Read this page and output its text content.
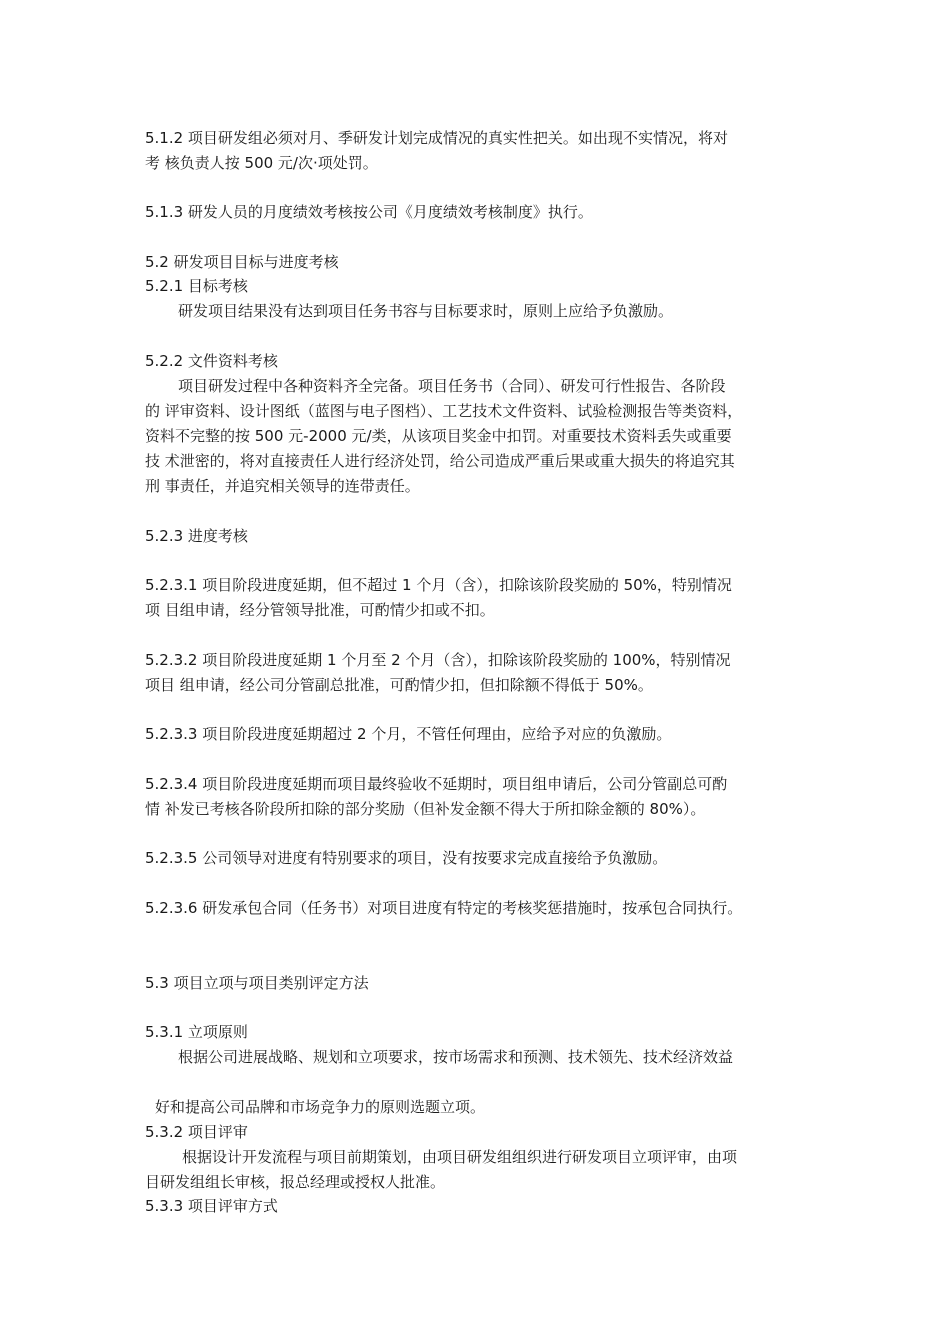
5.1.2 项目研发组必须对月、季研发计划完成情况的真实性把关。如出现不实情况，将对
考 核负责人按 500 元/次·项处罚。
5.1.3 研发人员的月度绩效考核按公司《月度绩效考核制度》执行。
5.2 研发项目目标与进度考核
5.2.1 目标考核
研发项目结果没有达到项目任务书容与目标要求时，原则上应给予负激励。
5.2.2 文件资料考核
项目研发过程中各种资料齐全完备。项目任务书（合同）、研发可行性报告、各阶段
的 评审资料、设计图纸（蓝图与电子图档）、工艺技术文件资料、试验检测报告等类资料，
资料不完整的按 500 元-2000 元/类，从该项目奖金中扣罚。对重要技术资料丢失或重要
技 术泄密的，将对直接责任人进行经济处罚，给公司造成严重后果或重大损失的将追究其
刑 事责任，并追究相关领导的连带责任。
5.2.3 进度考核
5.2.3.1 项目阶段进度延期，但不超过 1 个月（含），扣除该阶段奖励的 50%，特别情况
项 目组申请，经分管领导批准，可酌情少扣或不扣。
5.2.3.2 项目阶段进度延期 1 个月至 2 个月（含），扣除该阶段奖励的 100%，特别情况
项目 组申请，经公司分管副总批准，可酌情少扣，但扣除额不得低于 50%。
5.2.3.3 项目阶段进度延期超过 2 个月，不管任何理由，应给予对应的负激励。
5.2.3.4 项目阶段进度延期而项目最终验收不延期时，项目组申请后，公司分管副总可酌
情 补发已考核各阶段所扣除的部分奖励（但补发金额不得大于所扣除金额的 80%）。
5.2.3.5 公司领导对进度有特别要求的项目，没有按要求完成直接给予负激励。
5.2.3.6 研发承包合同（任务书）对项目进度有特定的考核奖惩措施时，按承包合同执行。
5.3 项目立项与项目类别评定方法
5.3.1 立项原则
根据公司进展战略、规划和立项要求，按市场需求和预测、技术领先、技术经济效益
好和提高公司品牌和市场竞争力的原则选题立项。
5.3.2 项目评审
根据设计开发流程与项目前期策划，由项目研发组组织进行研发项目立项评审，由项
目研发组组长审核，报总经理或授权人批准。
5.3.3 项目评审方式
